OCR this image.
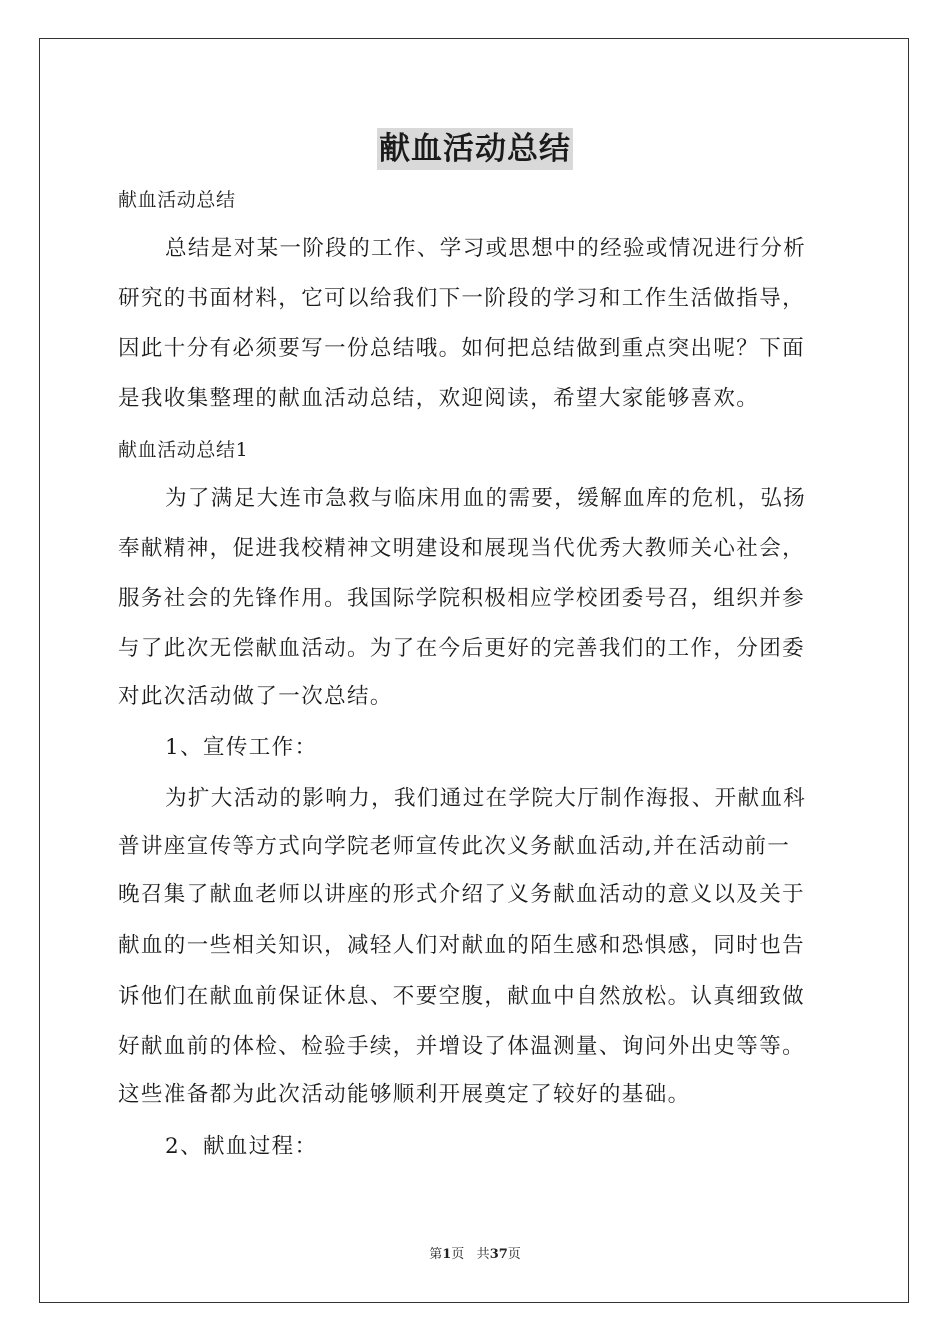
献血活动总结
献血活动总结
总结是对某一阶段的工作、学习或思想中的经验或情况进行分析
研究的书面材料，它可以给我们下一阶段的学习和工作生活做指导，
因此十分有必须要写一份总结哦。如何把总结做到重点突出呢？下面
是我收集整理的献血活动总结，欢迎阅读，希望大家能够喜欢。
献血活动总结1
为了满足大连市急救与临床用血的需要，缓解血库的危机，弘扬
奉献精神，促进我校精神文明建设和展现当代优秀大教师关心社会，
服务社会的先锋作用。我国际学院积极相应学校团委号召，组织并参
与了此次无偿献血活动。为了在今后更好的完善我们的工作，分团委
对此次活动做了一次总结。
1、宣传工作：
为扩大活动的影响力，我们通过在学院大厅制作海报、开献血科
普讲座宣传等方式向学院老师宣传此次义务献血活动,并在活动前一
晚召集了献血老师以讲座的形式介绍了义务献血活动的意义以及关于
献血的一些相关知识，减轻人们对献血的陌生感和恐惧感，同时也告
诉他们在献血前保证休息、不要空腹，献血中自然放松。认真细致做
好献血前的体检、检验手续，并增设了体温测量、询问外出史等等。
这些准备都为此次活动能够顺利开展奠定了较好的基础。
2、献血过程：
第1页 共37页
